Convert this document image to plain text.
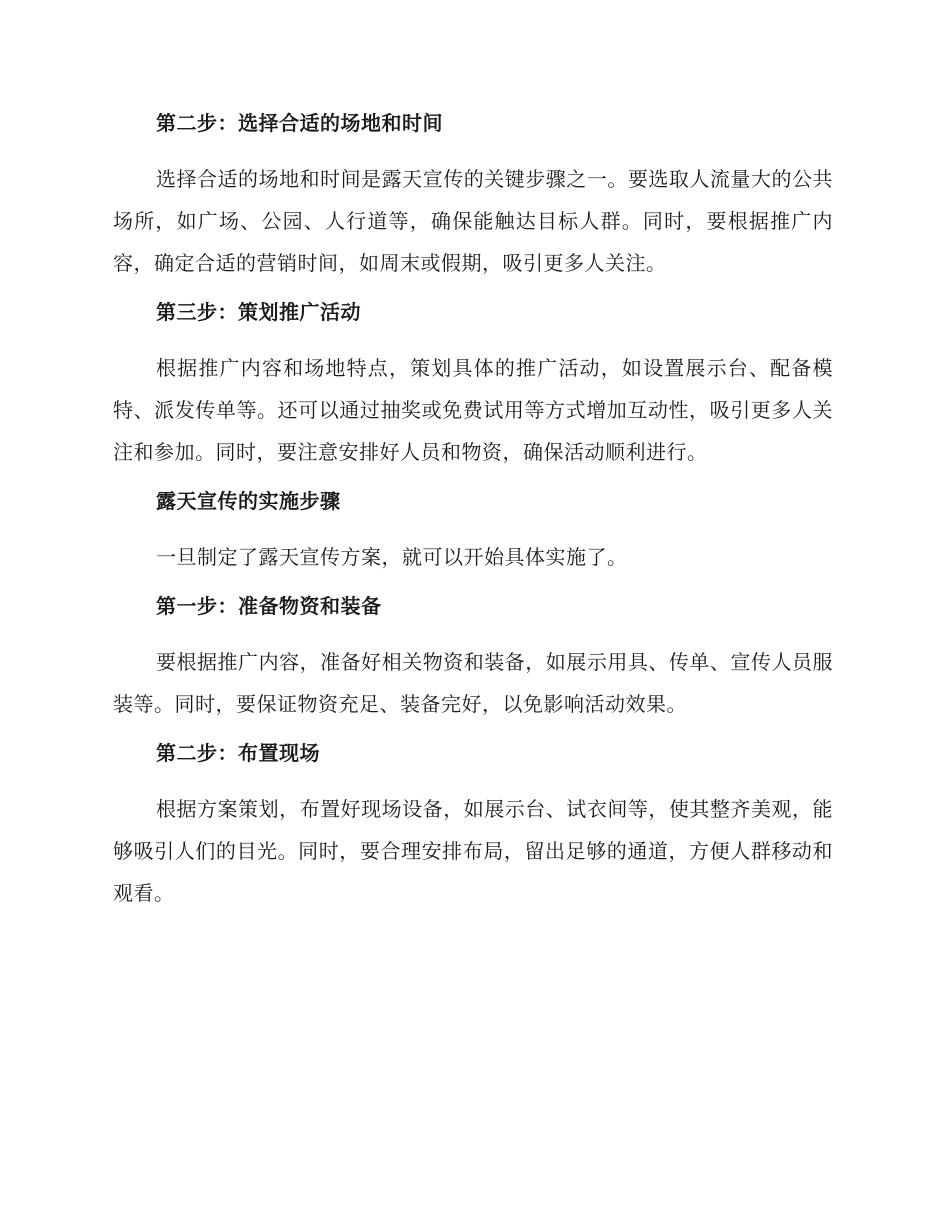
第二步：选择合适的场地和时间

选择合适的场地和时间是露天宣传的关键步骤之一。要选取人流量大的公共场所，如广场、公园、人行道等，确保能触达目标人群。同时，要根据推广内容，确定合适的营销时间，如周末或假期，吸引更多人关注。

第三步：策划推广活动

根据推广内容和场地特点，策划具体的推广活动，如设置展示台、配备模特、派发传单等。还可以通过抽奖或免费试用等方式增加互动性，吸引更多人关注和参加。同时，要注意安排好人员和物资，确保活动顺利进行。

露天宣传的实施步骤

一旦制定了露天宣传方案，就可以开始具体实施了。

第一步：准备物资和装备

要根据推广内容，准备好相关物资和装备，如展示用具、传单、宣传人员服装等。同时，要保证物资充足、装备完好，以免影响活动效果。

第二步：布置现场

根据方案策划，布置好现场设备，如展示台、试衣间等，使其整齐美观，能够吸引人们的目光。同时，要合理安排布局，留出足够的通道，方便人群移动和观看。
